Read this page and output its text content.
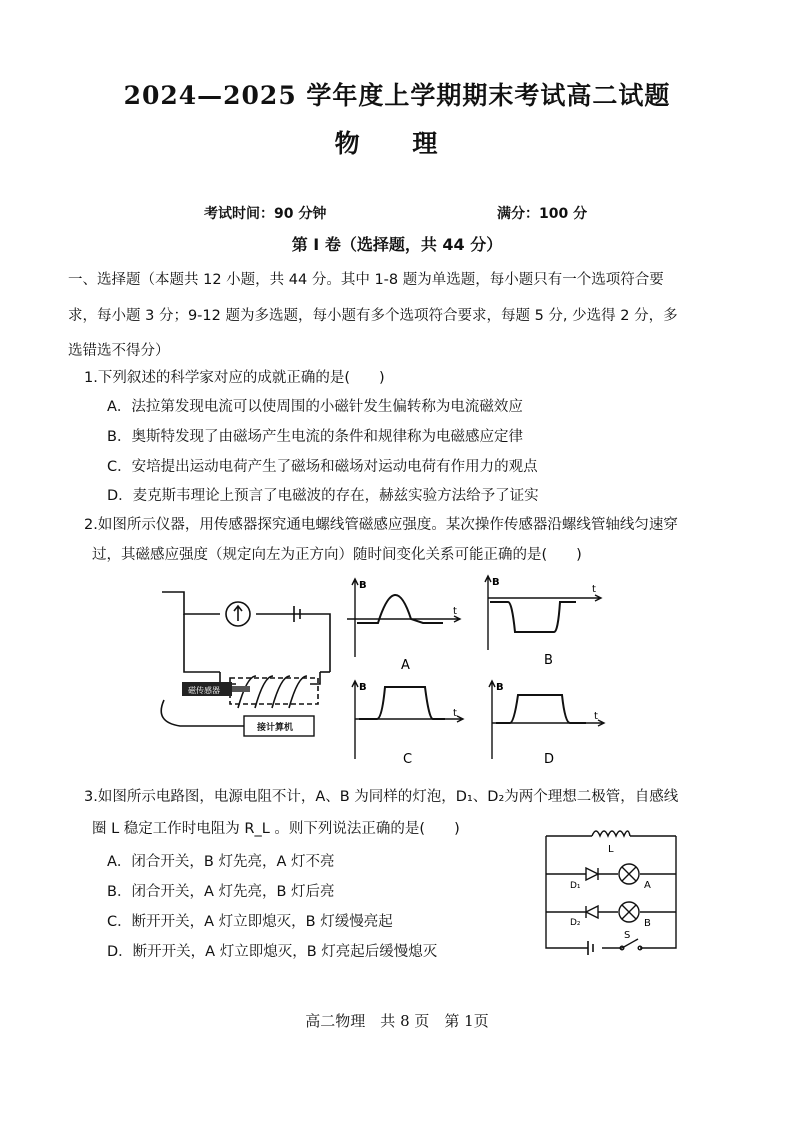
2024—2025 学年度上学期期末考试高二试题
物 理
考试时间：90 分钟	满分：100 分
第 Ⅰ 卷（选择题，共 44 分）
一、选择题（本题共 12 小题，共 44 分。其中 1-8 题为单选题，每小题只有一个选项符合要
求，每小题 3 分；9-12 题为多选题，每小题有多个选项符合要求，每题 5 分, 少选得 2 分，多
选错选不得分）
1.下列叙述的科学家对应的成就正确的是(　　)
A．法拉第发现电流可以使周围的小磁针发生偏转称为电流磁效应
B．奥斯特发现了由磁场产生电流的条件和规律称为电磁感应定律
C．安培提出运动电荷产生了磁场和磁场对运动电荷有作用力的观点
D．麦克斯韦理论上预言了电磁波的存在，赫兹实验方法给予了证实
2.如图所示仪器，用传感器探究通电螺线管磁感应强度。某次操作传感器沿螺线管轴线匀速穿
过，其磁感应强度（规定向左为正方向）随时间变化关系可能正确的是(　　)
磁传感器
接计算机
B
t
A
B
t
B
B
t
C
B
t
D
3.如图所示电路图，电源电阻不计，A、B 为同样的灯泡，D₁、D₂为两个理想二极管，自感线
圈 L 稳定工作时电阻为 R_L 。则下列说法正确的是(　　)
A．闭合开关，B 灯先亮，A 灯不亮
B．闭合开关，A 灯先亮，B 灯后亮
C．断开开关，A 灯立即熄灭，B 灯缓慢亮起
D．断开开关，A 灯立即熄灭，B 灯亮起后缓慢熄灭
L
D₁	A
D₂	B
S
高二物理　共 8 页　第 1页
